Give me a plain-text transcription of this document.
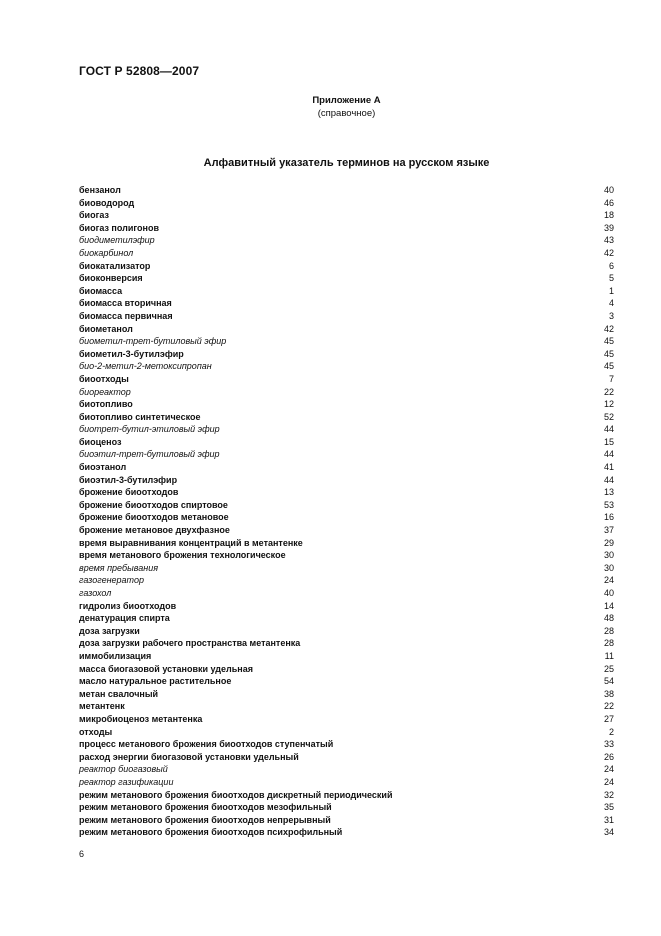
ГОСТ Р 52808—2007
Приложение А
(справочное)
Алфавитный указатель терминов на русском языке
бензанол	40
биоводород	46
биогаз	18
биогаз полигонов	39
биодиметилэфир	43
биокарбинол	42
биокатализатор	6
биоконверсия	5
биомасса	1
биомасса вторичная	4
биомасса первичная	3
биометанол	42
биометил-трет-бутиловый эфир	45
биометил-3-бутилэфир	45
био-2-метил-2-метоксипропан	45
биоотходы	7
биореактор	22
биотопливо	12
биотопливо синтетическое	52
биотрет-бутил-этиловый эфир	44
биоценоз	15
биоэтил-трет-бутиловый эфир	44
биоэтанол	41
биоэтил-3-бутилэфир	44
брожение биоотходов	13
брожение биоотходов спиртовое	53
брожение биоотходов метановое	16
брожение метановое двухфазное	37
время выравнивания концентраций в метантенке	29
время метанового брожения технологическое	30
время пребывания	30
газогенератор	24
газохол	40
гидролиз биоотходов	14
денатурация спирта	48
доза загрузки	28
доза загрузки рабочего пространства метантенка	28
иммобилизация	11
масса биогазовой установки удельная	25
масло натуральное растительное	54
метан свалочный	38
метантенк	22
микробиоценоз метантенка	27
отходы	2
процесс метанового брожения биоотходов ступенчатый	33
расход энергии биогазовой установки удельный	26
реактор биогазовый	24
реактор газификации	24
режим метанового брожения биоотходов дискретный периодический	32
режим метанового брожения биоотходов мезофильный	35
режим метанового брожения биоотходов непрерывный	31
режим метанового брожения биоотходов психрофильный	34
6
